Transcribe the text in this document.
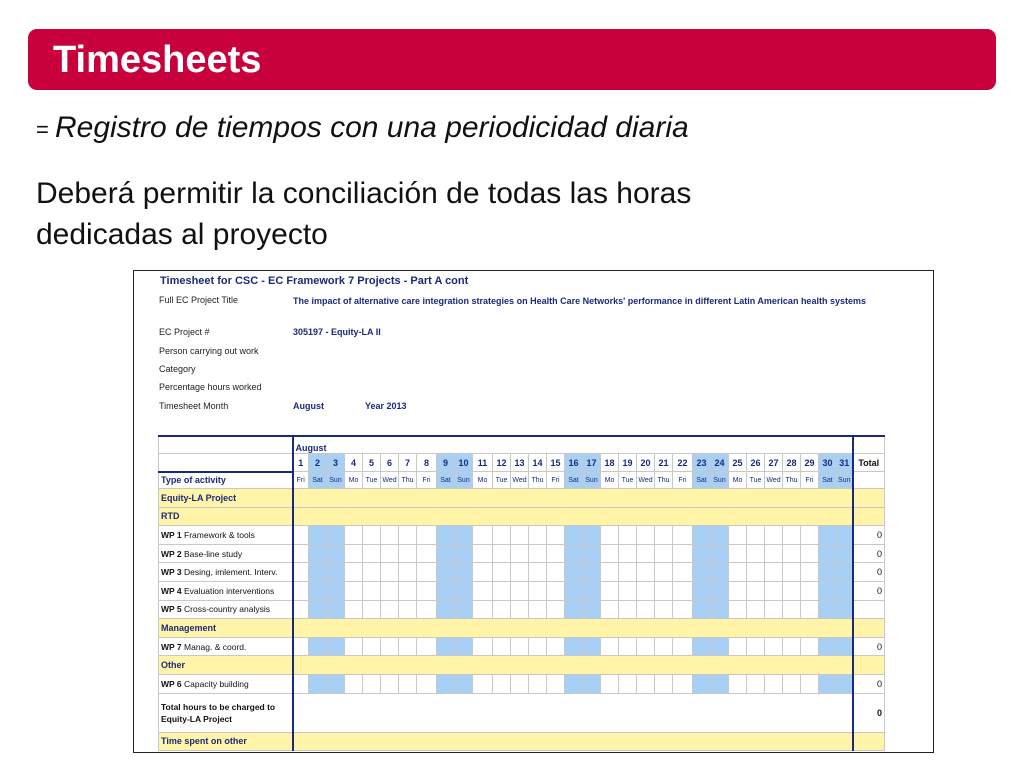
Timesheets
= Registro de tiempos con una periodicidad diaria
Deberá permitir la conciliación de todas las horas dedicadas al proyecto
Timesheet for CSC - EC Framework 7 Projects - Part A cont
Full EC Project Title	The impact of alternative care integration strategies on Health Care Networks' performance in different Latin American health systems
EC Project #	305197 - Equity-LA II
Person carrying out work
Category
Percentage hours worked
Timesheet Month	August	Year 2013
	August																															
	1	2	3	4	5	6	7	8	9	10	11	12	13	14	15	16	17	18	19	20	21	22	23	24	25	26	27	28	29	30	31	Total
Type of activity	Fri	Sat	Sun	Mo	Tue	Wed	Thu	Fri	Sat	Sun	Mo	Tue	Wed	Thu	Fri	Sat	Sun	Mo	Tue	Wed	Thu	Fri	Sat	Sun	Mo	Tue	Wed	Thu	Fri	Sat	Sun	
Equity-LA Project																																
RTD																																
WP 1 Framework & tools																																0
WP 2 Base-line study																																0
WP 3 Desing, imlement. Interv.																																0
WP 4 Evaluation interventions																																0
WP 5 Cross-country analysis																																
Management																																
WP 7 Manag. & coord.																																0
Other																																
WP 6 Capacity building																																0
Total hours to be charged to Equity-LA Project																																0
Time spent on other																																
